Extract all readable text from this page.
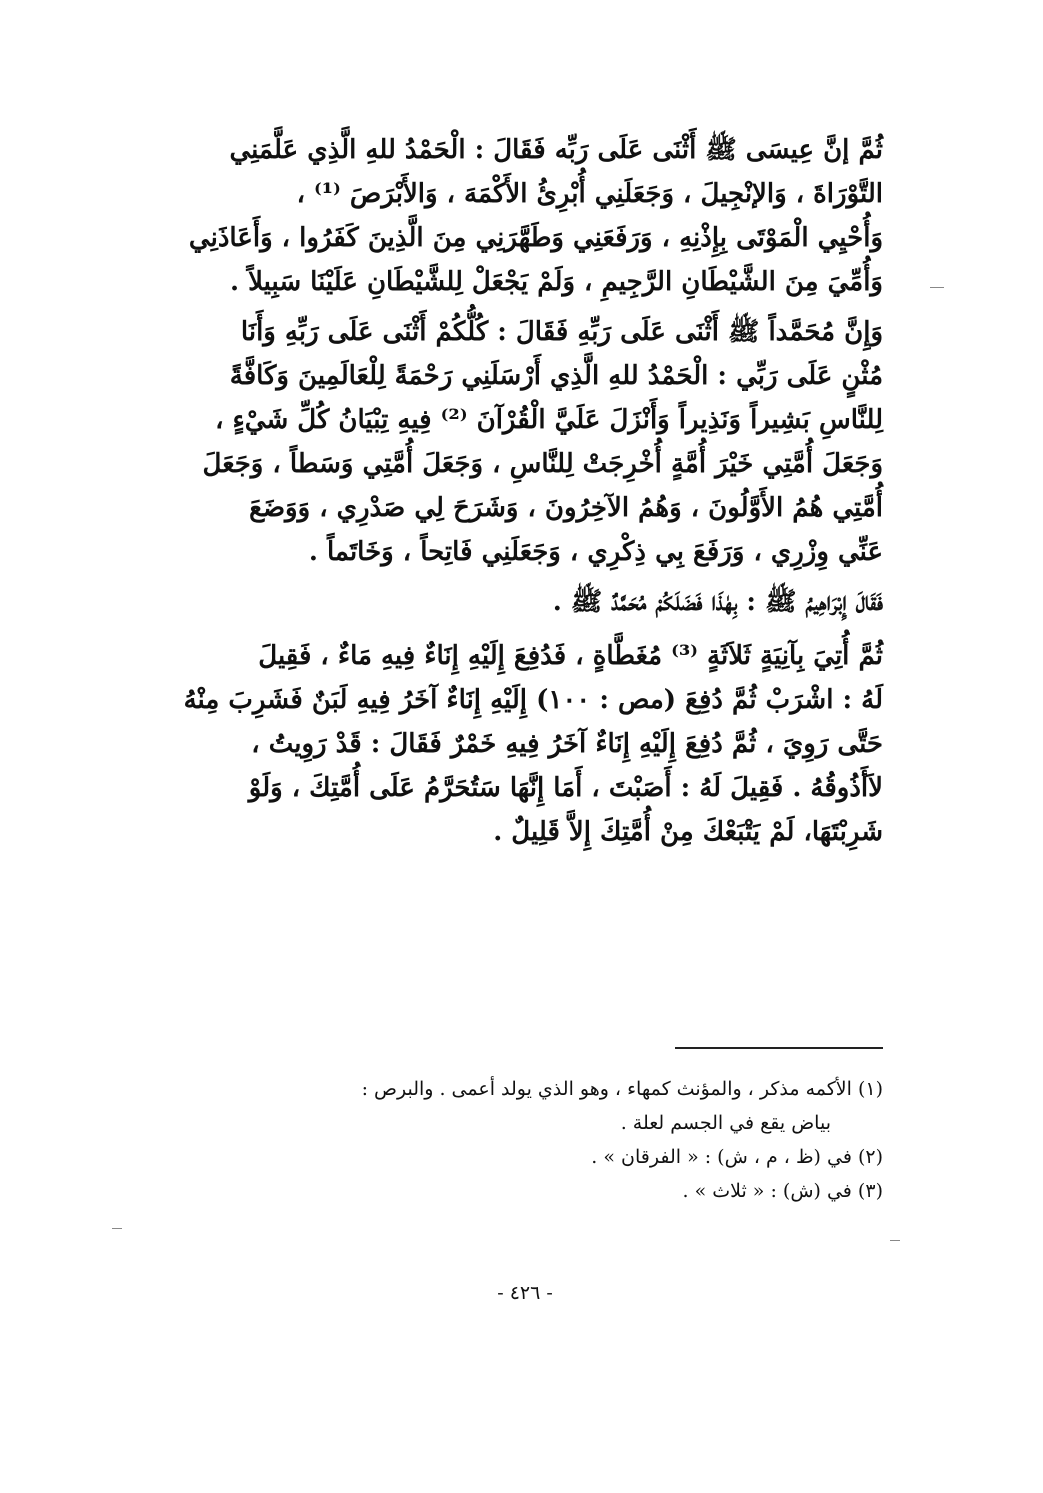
ثُمَّ إنَّ عِيسَى ﷺ أَثْنَى عَلَى رَبِّه فَقَالَ : الْحَمْدُ للهِ الَّذِي عَلَّمَنِي
التَّوْرَاةَ ، وَالإنْجِيلَ ، وَجَعَلَنِي أُبْرِئُ الأَكْمَهَ ، وَالأَبْرَصَ ⁽¹⁾ ،
وَأُحْيِي الْمَوْتَى بِإِذْنِهِ ، وَرَفَعَنِي وَطَهَّرَنِي مِنَ الَّذِينَ كَفَرُوا ، وَأَعَاذَنِي
وَأُمِّيَ مِنَ الشَّيْطَانِ الرَّجِيمِ ، وَلَمْ يَجْعَلْ لِلشَّيْطَانِ عَلَيْنَا سَبِيلاً .
وَإِنَّ مُحَمَّداً ﷺ أَثْنَى عَلَى رَبِّهِ فَقَالَ : كُلُّكُمْ أَثْنَى عَلَى رَبِّهِ وَأَنَا
مُثْنٍ عَلَى رَبِّي : الْحَمْدُ للهِ الَّذِي أَرْسَلَنِي رَحْمَةً لِلْعَالَمِينَ وَكَافَّةً
لِلنَّاسِ بَشِيراً وَنَذِيراً وَأَنْزَلَ عَلَيَّ الْقُرْآنَ ⁽²⁾ فِيهِ تِبْيَانُ كُلِّ شَيْءٍ ،
وَجَعَلَ أُمَّتِي خَيْرَ أُمَّةٍ أُخْرِجَتْ لِلنَّاسِ ، وَجَعَلَ أُمَّتِي وَسَطاً ، وَجَعَلَ
أُمَّتِي هُمُ الأَوَّلُونَ ، وَهُمُ الآخِرُونَ ، وَشَرَحَ لِي صَدْرِي ، وَوَضَعَ
عَنِّي وِزْرِي ، وَرَفَعَ بِي ذِكْرِي ، وَجَعَلَنِي فَاتِحاً ، وَخَاتَماً .
فَقَالَ إِبْرَاهِيمُ ﷺ : بِهٰذَا فَضَلَكُمْ مُحَمَّدٌ ﷺ .
ثُمَّ أُتِيَ بِآنِيَةٍ ثَلاَثَةٍ ⁽³⁾ مُغَطَّاةٍ ، فَدُفِعَ إِلَيْهِ إِنَاءٌ فِيهِ مَاءٌ ، فَقِيلَ
لَهُ : اشْرَبْ ثُمَّ دُفِعَ (مص : ١٠٠) إِلَيْهِ إِنَاءٌ آخَرُ فِيهِ لَبَنٌ فَشَرِبَ مِنْهُ
حَتَّى رَوِيَ ، ثُمَّ دُفِعَ إِلَيْهِ إِنَاءٌ آخَرُ فِيهِ خَمْرٌ فَقَالَ : قَدْ رَوِيتُ ،
لاَأَذُوقُهُ . فَقِيلَ لَهُ : أَصَبْتَ ، أَمَا إِنَّهَا سَتُحَرَّمُ عَلَى أُمَّتِكَ ، وَلَوْ
شَرِبْتَهَا، لَمْ يَتْبَعْكَ مِنْ أُمَّتِكَ إِلاَّ قَلِيلٌ .
(١) الأكمه مذكر ، والمؤنث كمهاء ، وهو الذي يولد أعمى . والبرص :
بياض يقع في الجسم لعلة .
(٢) في (ظ ، م ، ش) : « الفرقان » .
(٣) في (ش) : « ثلاث » .
- ٤٢٦ -
